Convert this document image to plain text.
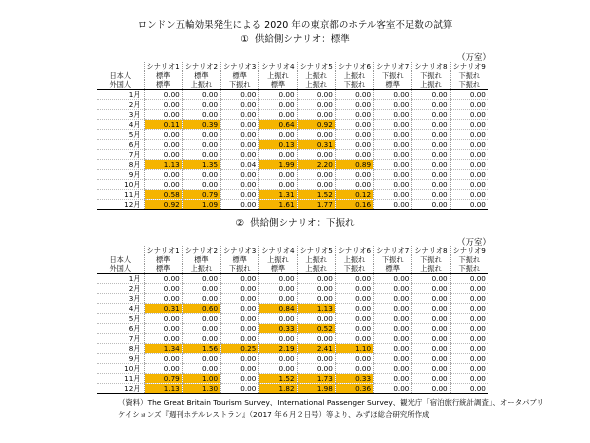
ロンドン五輪効果発生による 2020 年の東京都のホテル客室不足数の試算
① 供給側シナリオ：標準
（万室）
	シナリオ1	シナリオ2	シナリオ3	シナリオ4	シナリオ5	シナリオ6	シナリオ7	シナリオ8	シナリオ9
日本人	標準	標準	標準	上振れ	上振れ	上振れ	下振れ	下振れ	下振れ
外国人	標準	上振れ	下振れ	標準	上振れ	下振れ	標準	上振れ	下振れ
1月	0.00	0.00	0.00	0.00	0.00	0.00	0.00	0.00	0.00
2月	0.00	0.00	0.00	0.00	0.00	0.00	0.00	0.00	0.00
3月	0.00	0.00	0.00	0.00	0.00	0.00	0.00	0.00	0.00
4月	0.11	0.39	0.00	0.64	0.92	0.00	0.00	0.00	0.00
5月	0.00	0.00	0.00	0.00	0.00	0.00	0.00	0.00	0.00
6月	0.00	0.00	0.00	0.13	0.31	0.00	0.00	0.00	0.00
7月	0.00	0.00	0.00	0.00	0.00	0.00	0.00	0.00	0.00
8月	1.13	1.35	0.04	1.99	2.20	0.89	0.00	0.00	0.00
9月	0.00	0.00	0.00	0.00	0.00	0.00	0.00	0.00	0.00
10月	0.00	0.00	0.00	0.00	0.00	0.00	0.00	0.00	0.00
11月	0.58	0.79	0.00	1.31	1.52	0.12	0.00	0.00	0.00
12月	0.92	1.09	0.00	1.61	1.77	0.16	0.00	0.00	0.00
② 供給側シナリオ：下振れ
（万室）
	シナリオ1	シナリオ2	シナリオ3	シナリオ4	シナリオ5	シナリオ6	シナリオ7	シナリオ8	シナリオ9
日本人	標準	標準	標準	上振れ	上振れ	上振れ	下振れ	下振れ	下振れ
外国人	標準	上振れ	下振れ	標準	上振れ	下振れ	標準	上振れ	下振れ
1月	0.00	0.00	0.00	0.00	0.00	0.00	0.00	0.00	0.00
2月	0.00	0.00	0.00	0.00	0.00	0.00	0.00	0.00	0.00
3月	0.00	0.00	0.00	0.00	0.00	0.00	0.00	0.00	0.00
4月	0.31	0.60	0.00	0.84	1.13	0.00	0.00	0.00	0.00
5月	0.00	0.00	0.00	0.00	0.00	0.00	0.00	0.00	0.00
6月	0.00	0.00	0.00	0.33	0.52	0.00	0.00	0.00	0.00
7月	0.00	0.00	0.00	0.00	0.00	0.00	0.00	0.00	0.00
8月	1.34	1.56	0.25	2.19	2.41	1.10	0.00	0.00	0.00
9月	0.00	0.00	0.00	0.00	0.00	0.00	0.00	0.00	0.00
10月	0.00	0.00	0.00	0.00	0.00	0.00	0.00	0.00	0.00
11月	0.79	1.00	0.00	1.52	1.73	0.33	0.00	0.00	0.00
12月	1.13	1.30	0.00	1.82	1.98	0.36	0.00	0.00	0.00
（資料）The Great Britain Tourism Survey、International Passenger Survey、観光庁「宿泊旅行統計調査」、オータパブリ
ケイションズ『週刊ホテルレストラン』（2017 年６月２日号）等より、みずほ総合研究所作成
